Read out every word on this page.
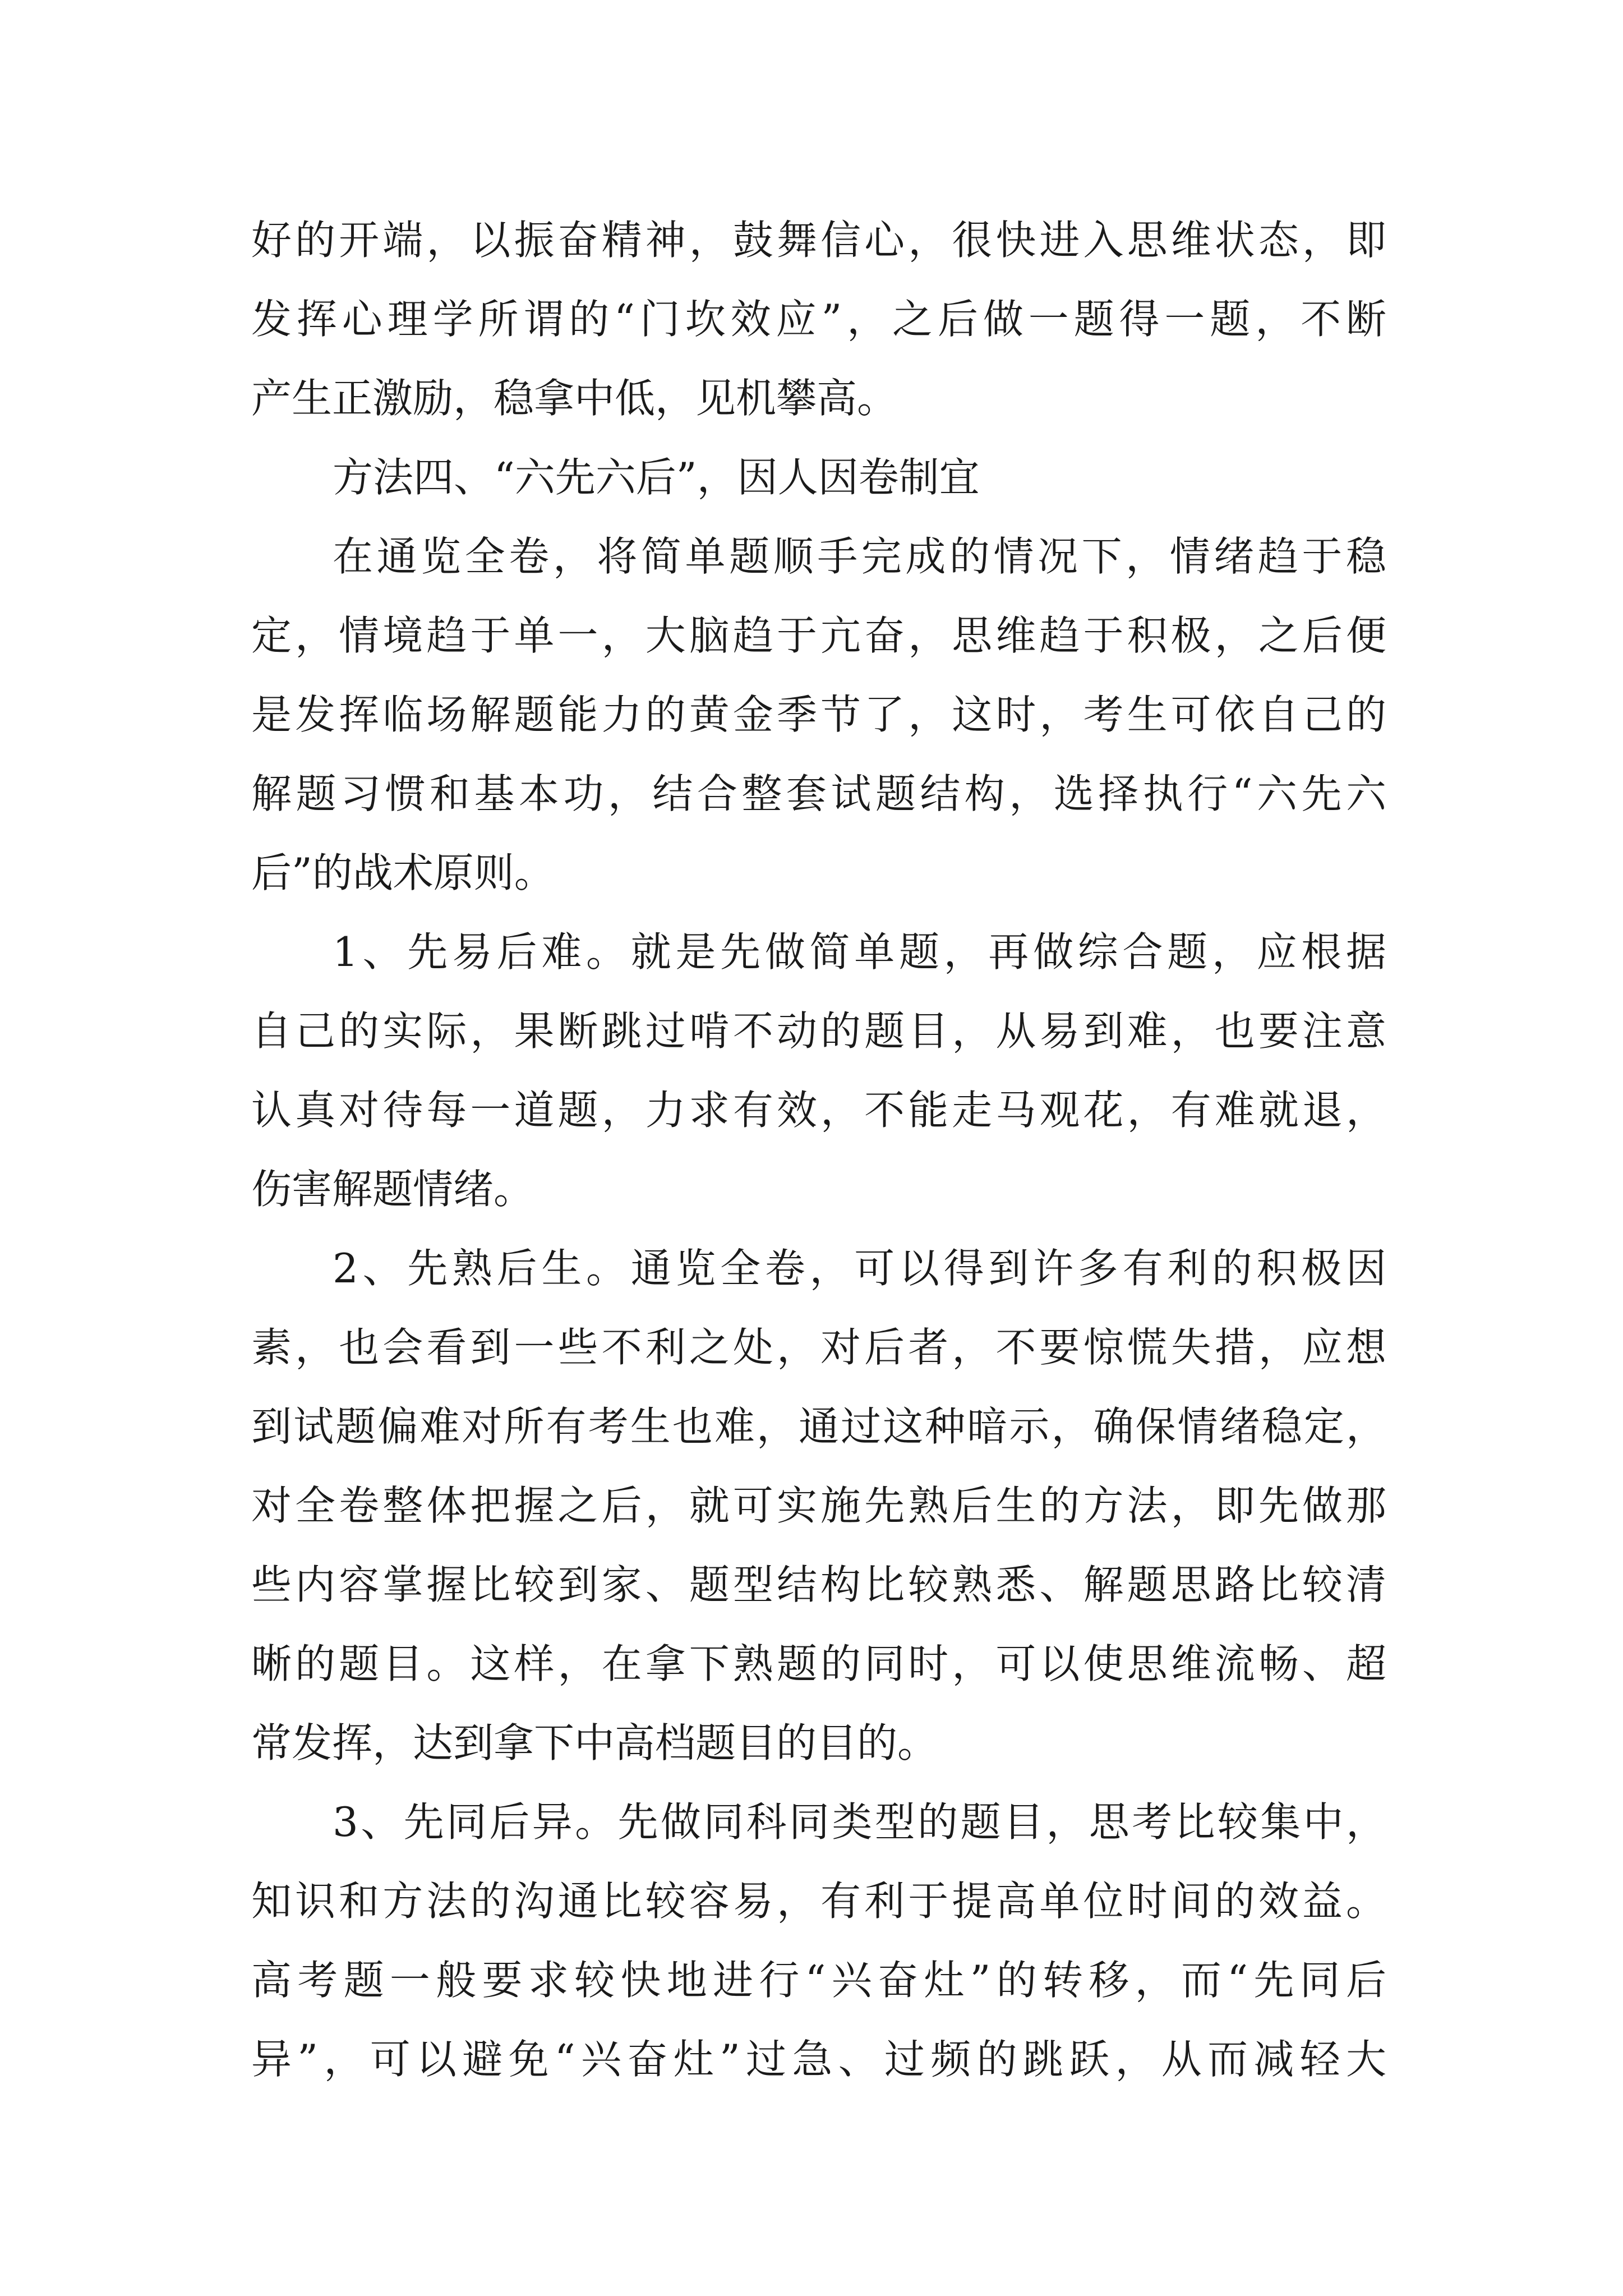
好的开端，以振奋精神，鼓舞信心，很快进入思维状态，即
发挥心理学所谓的“门坎效应”，之后做一题得一题，不断
产生正激励，稳拿中低，见机攀高。
方法四、“六先六后”，因人因卷制宜
在通览全卷，将简单题顺手完成的情况下，情绪趋于稳
定，情境趋于单一，大脑趋于亢奋，思维趋于积极，之后便
是发挥临场解题能力的黄金季节了，这时，考生可依自己的
解题习惯和基本功，结合整套试题结构，选择执行“六先六
后”的战术原则。
1、先易后难。就是先做简单题，再做综合题，应根据
自己的实际，果断跳过啃不动的题目，从易到难，也要注意
认真对待每一道题，力求有效，不能走马观花，有难就退，
伤害解题情绪。
2、先熟后生。通览全卷，可以得到许多有利的积极因
素，也会看到一些不利之处，对后者，不要惊慌失措，应想
到试题偏难对所有考生也难，通过这种暗示，确保情绪稳定，
对全卷整体把握之后，就可实施先熟后生的方法，即先做那
些内容掌握比较到家、题型结构比较熟悉、解题思路比较清
晰的题目。这样，在拿下熟题的同时，可以使思维流畅、超
常发挥，达到拿下中高档题目的目的。
3、先同后异。先做同科同类型的题目，思考比较集中，
知识和方法的沟通比较容易，有利于提高单位时间的效益。
高考题一般要求较快地进行“兴奋灶”的转移，而“先同后
异”，可以避免“兴奋灶”过急、过频的跳跃，从而减轻大
